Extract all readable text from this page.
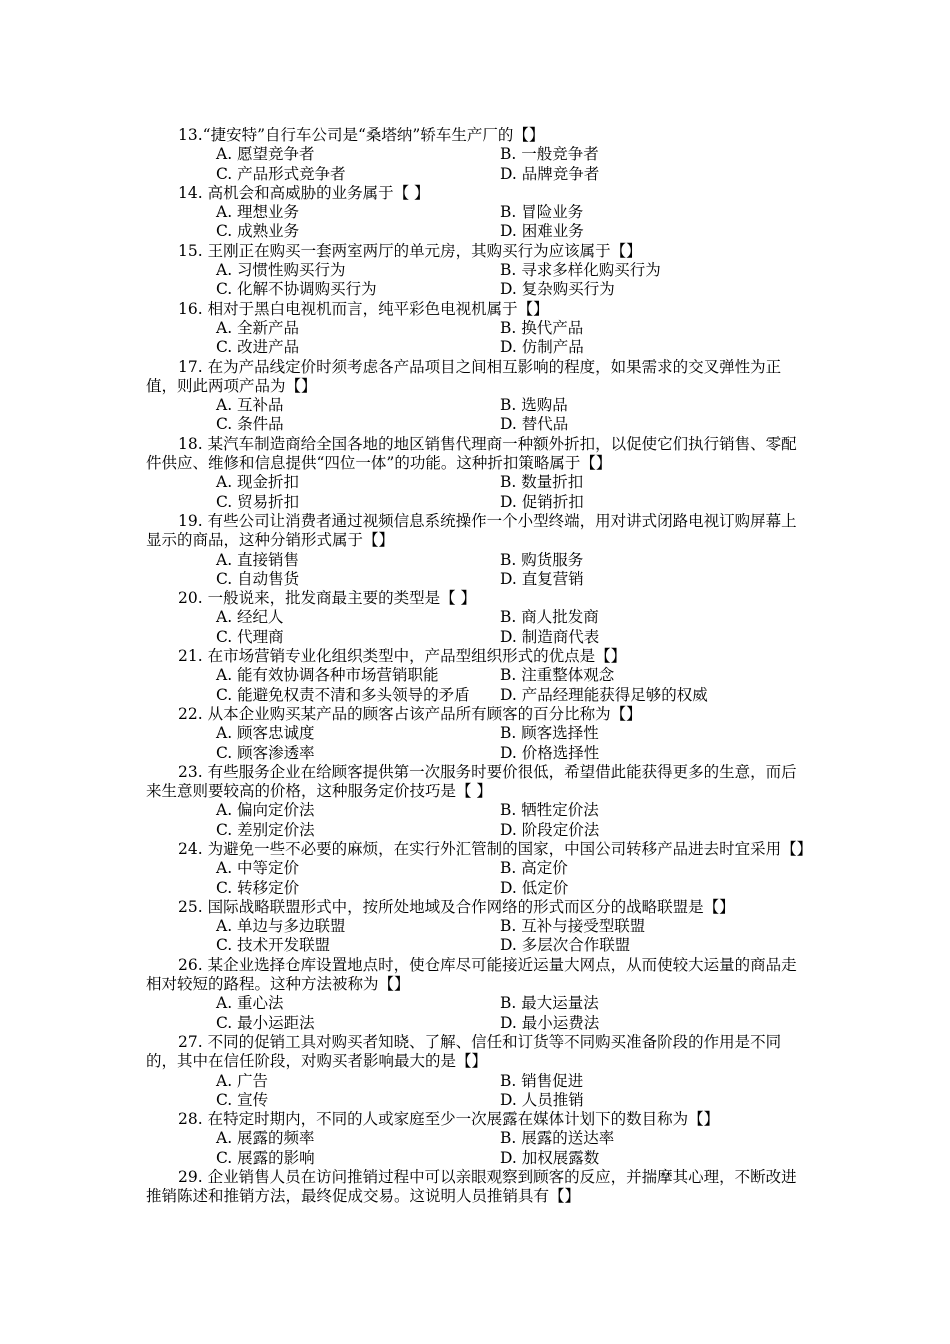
13.“捷安特”自行车公司是“桑塔纳”轿车生产厂的【】
A. 愿望竞争者	B. 一般竞争者
C. 产品形式竞争者	D. 品牌竞争者
14. 高机会和高威胁的业务属于【 】
A. 理想业务	B. 冒险业务
C. 成熟业务	D. 困难业务
15. 王刚正在购买一套两室两厅的单元房，其购买行为应该属于【】
A. 习惯性购买行为	B. 寻求多样化购买行为
C. 化解不协调购买行为	D. 复杂购买行为
16. 相对于黑白电视机而言，纯平彩色电视机属于【】
A. 全新产品	B. 换代产品
C. 改进产品	D. 仿制产品
17. 在为产品线定价时须考虑各产品项目之间相互影响的程度，如果需求的交叉弹性为正值，则此两项产品为【】
A. 互补品	B. 选购品
C. 条件品	D. 替代品
18. 某汽车制造商给全国各地的地区销售代理商一种额外折扣，以促使它们执行销售、零配件供应、维修和信息提供“四位一体”的功能。这种折扣策略属于【】
A. 现金折扣	B. 数量折扣
C. 贸易折扣	D. 促销折扣
19. 有些公司让消费者通过视频信息系统操作一个小型终端，用对讲式闭路电视订购屏幕上显示的商品，这种分销形式属于【】
A. 直接销售	B. 购货服务
C. 自动售货	D. 直复营销
20. 一般说来，批发商最主要的类型是【 】
A. 经纪人	B. 商人批发商
C. 代理商	D. 制造商代表
21. 在市场营销专业化组织类型中，产品型组织形式的优点是【】
A. 能有效协调各种市场营销职能	B. 注重整体观念
C. 能避免权责不清和多头领导的矛盾	D. 产品经理能获得足够的权威
22. 从本企业购买某产品的顾客占该产品所有顾客的百分比称为【】
A. 顾客忠诚度	B. 顾客选择性
C. 顾客渗透率	D. 价格选择性
23. 有些服务企业在给顾客提供第一次服务时要价很低，希望借此能获得更多的生意，而后来生意则要较高的价格，这种服务定价技巧是【 】
A. 偏向定价法	B. 牺牲定价法
C. 差别定价法	D. 阶段定价法
24. 为避免一些不必要的麻烦，在实行外汇管制的国家，中国公司转移产品进去时宜采用【】
A. 中等定价	B. 高定价
C. 转移定价	D. 低定价
25. 国际战略联盟形式中，按所处地域及合作网络的形式而区分的战略联盟是【】
A. 单边与多边联盟	B. 互补与接受型联盟
C. 技术开发联盟	D. 多层次合作联盟
26. 某企业选择仓库设置地点时，使仓库尽可能接近运量大网点，从而使较大运量的商品走相对较短的路程。这种方法被称为【】
A. 重心法	B. 最大运量法
C. 最小运距法	D. 最小运费法
27. 不同的促销工具对购买者知晓、了解、信任和订货等不同购买准备阶段的作用是不同的，其中在信任阶段，对购买者影响最大的是【】
A. 广告	B. 销售促进
C. 宣传	D. 人员推销
28. 在特定时期内，不同的人或家庭至少一次展露在媒体计划下的数目称为【】
A. 展露的频率	B. 展露的送达率
C. 展露的影响	D. 加权展露数
29. 企业销售人员在访问推销过程中可以亲眼观察到顾客的反应，并揣摩其心理，不断改进推销陈述和推销方法，最终促成交易。这说明人员推销具有【】
